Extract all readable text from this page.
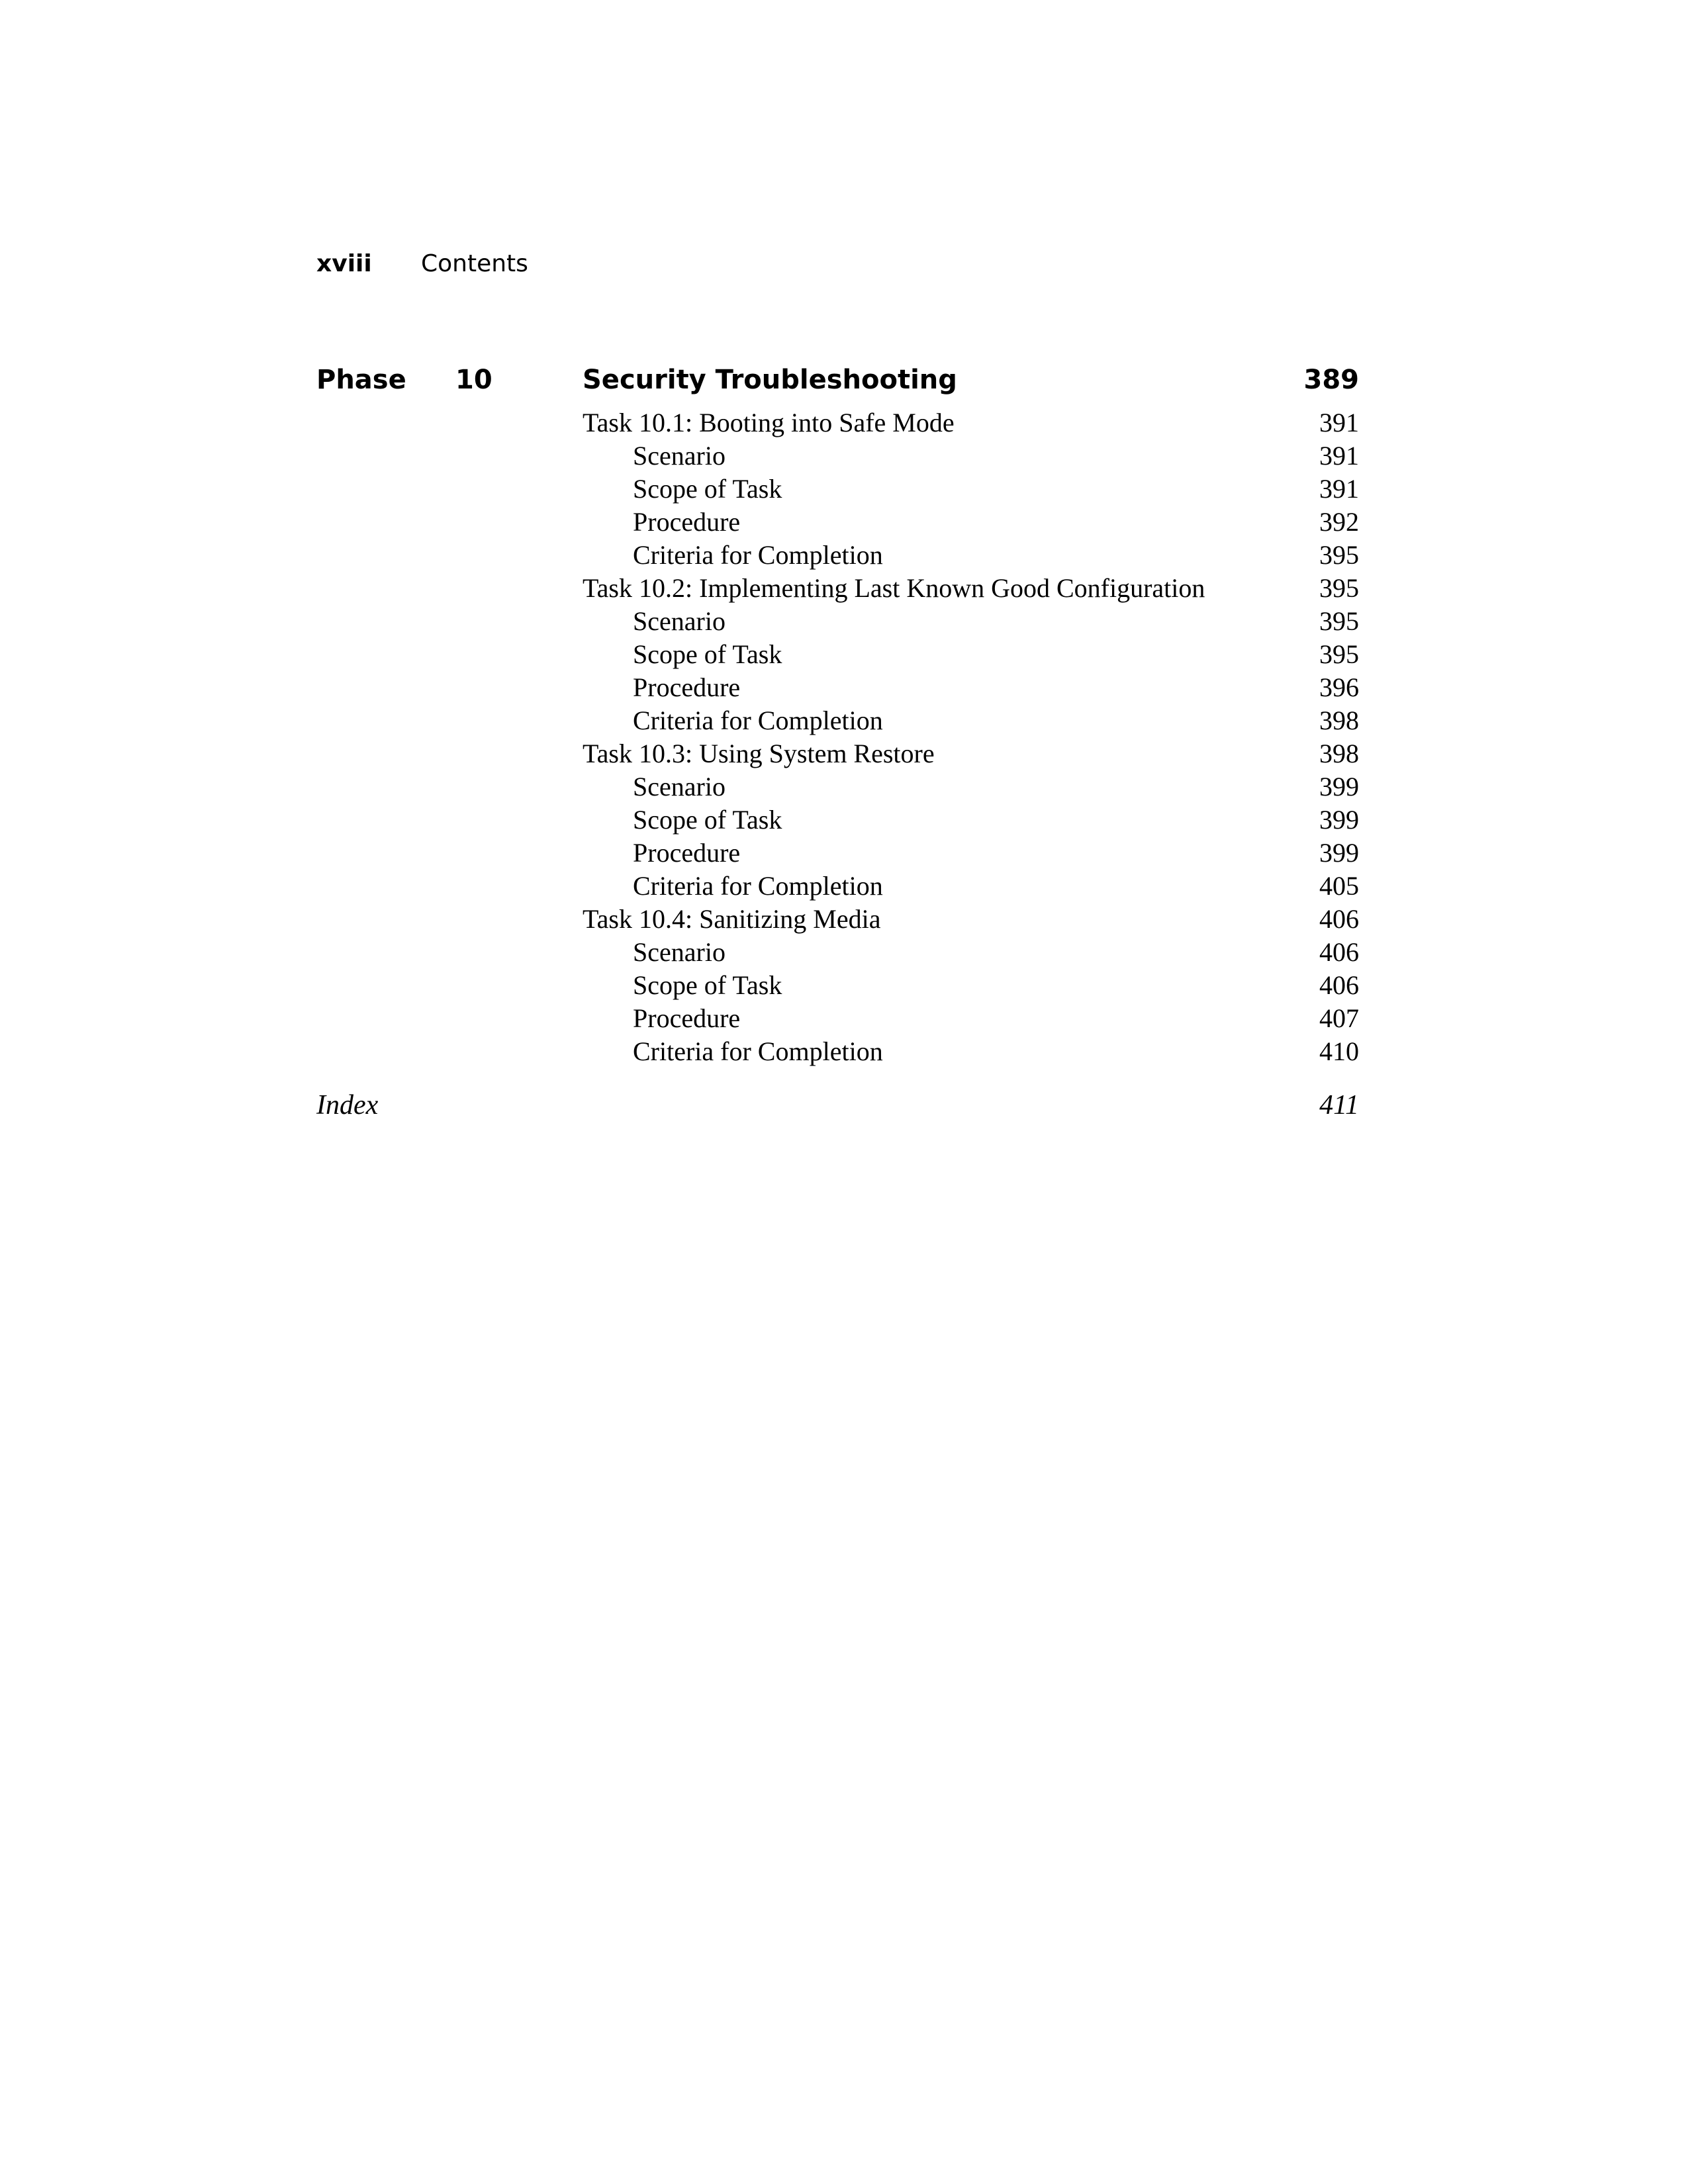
xviii	Contents
Phase	10	Security Troubleshooting	389
Task 10.1: Booting into Safe Mode	391
Scenario	391
Scope of Task	391
Procedure	392
Criteria for Completion	395
Task 10.2: Implementing Last Known Good Configuration	395
Scenario	395
Scope of Task	395
Procedure	396
Criteria for Completion	398
Task 10.3: Using System Restore	398
Scenario	399
Scope of Task	399
Procedure	399
Criteria for Completion	405
Task 10.4: Sanitizing Media	406
Scenario	406
Scope of Task	406
Procedure	407
Criteria for Completion	410
Index	411
